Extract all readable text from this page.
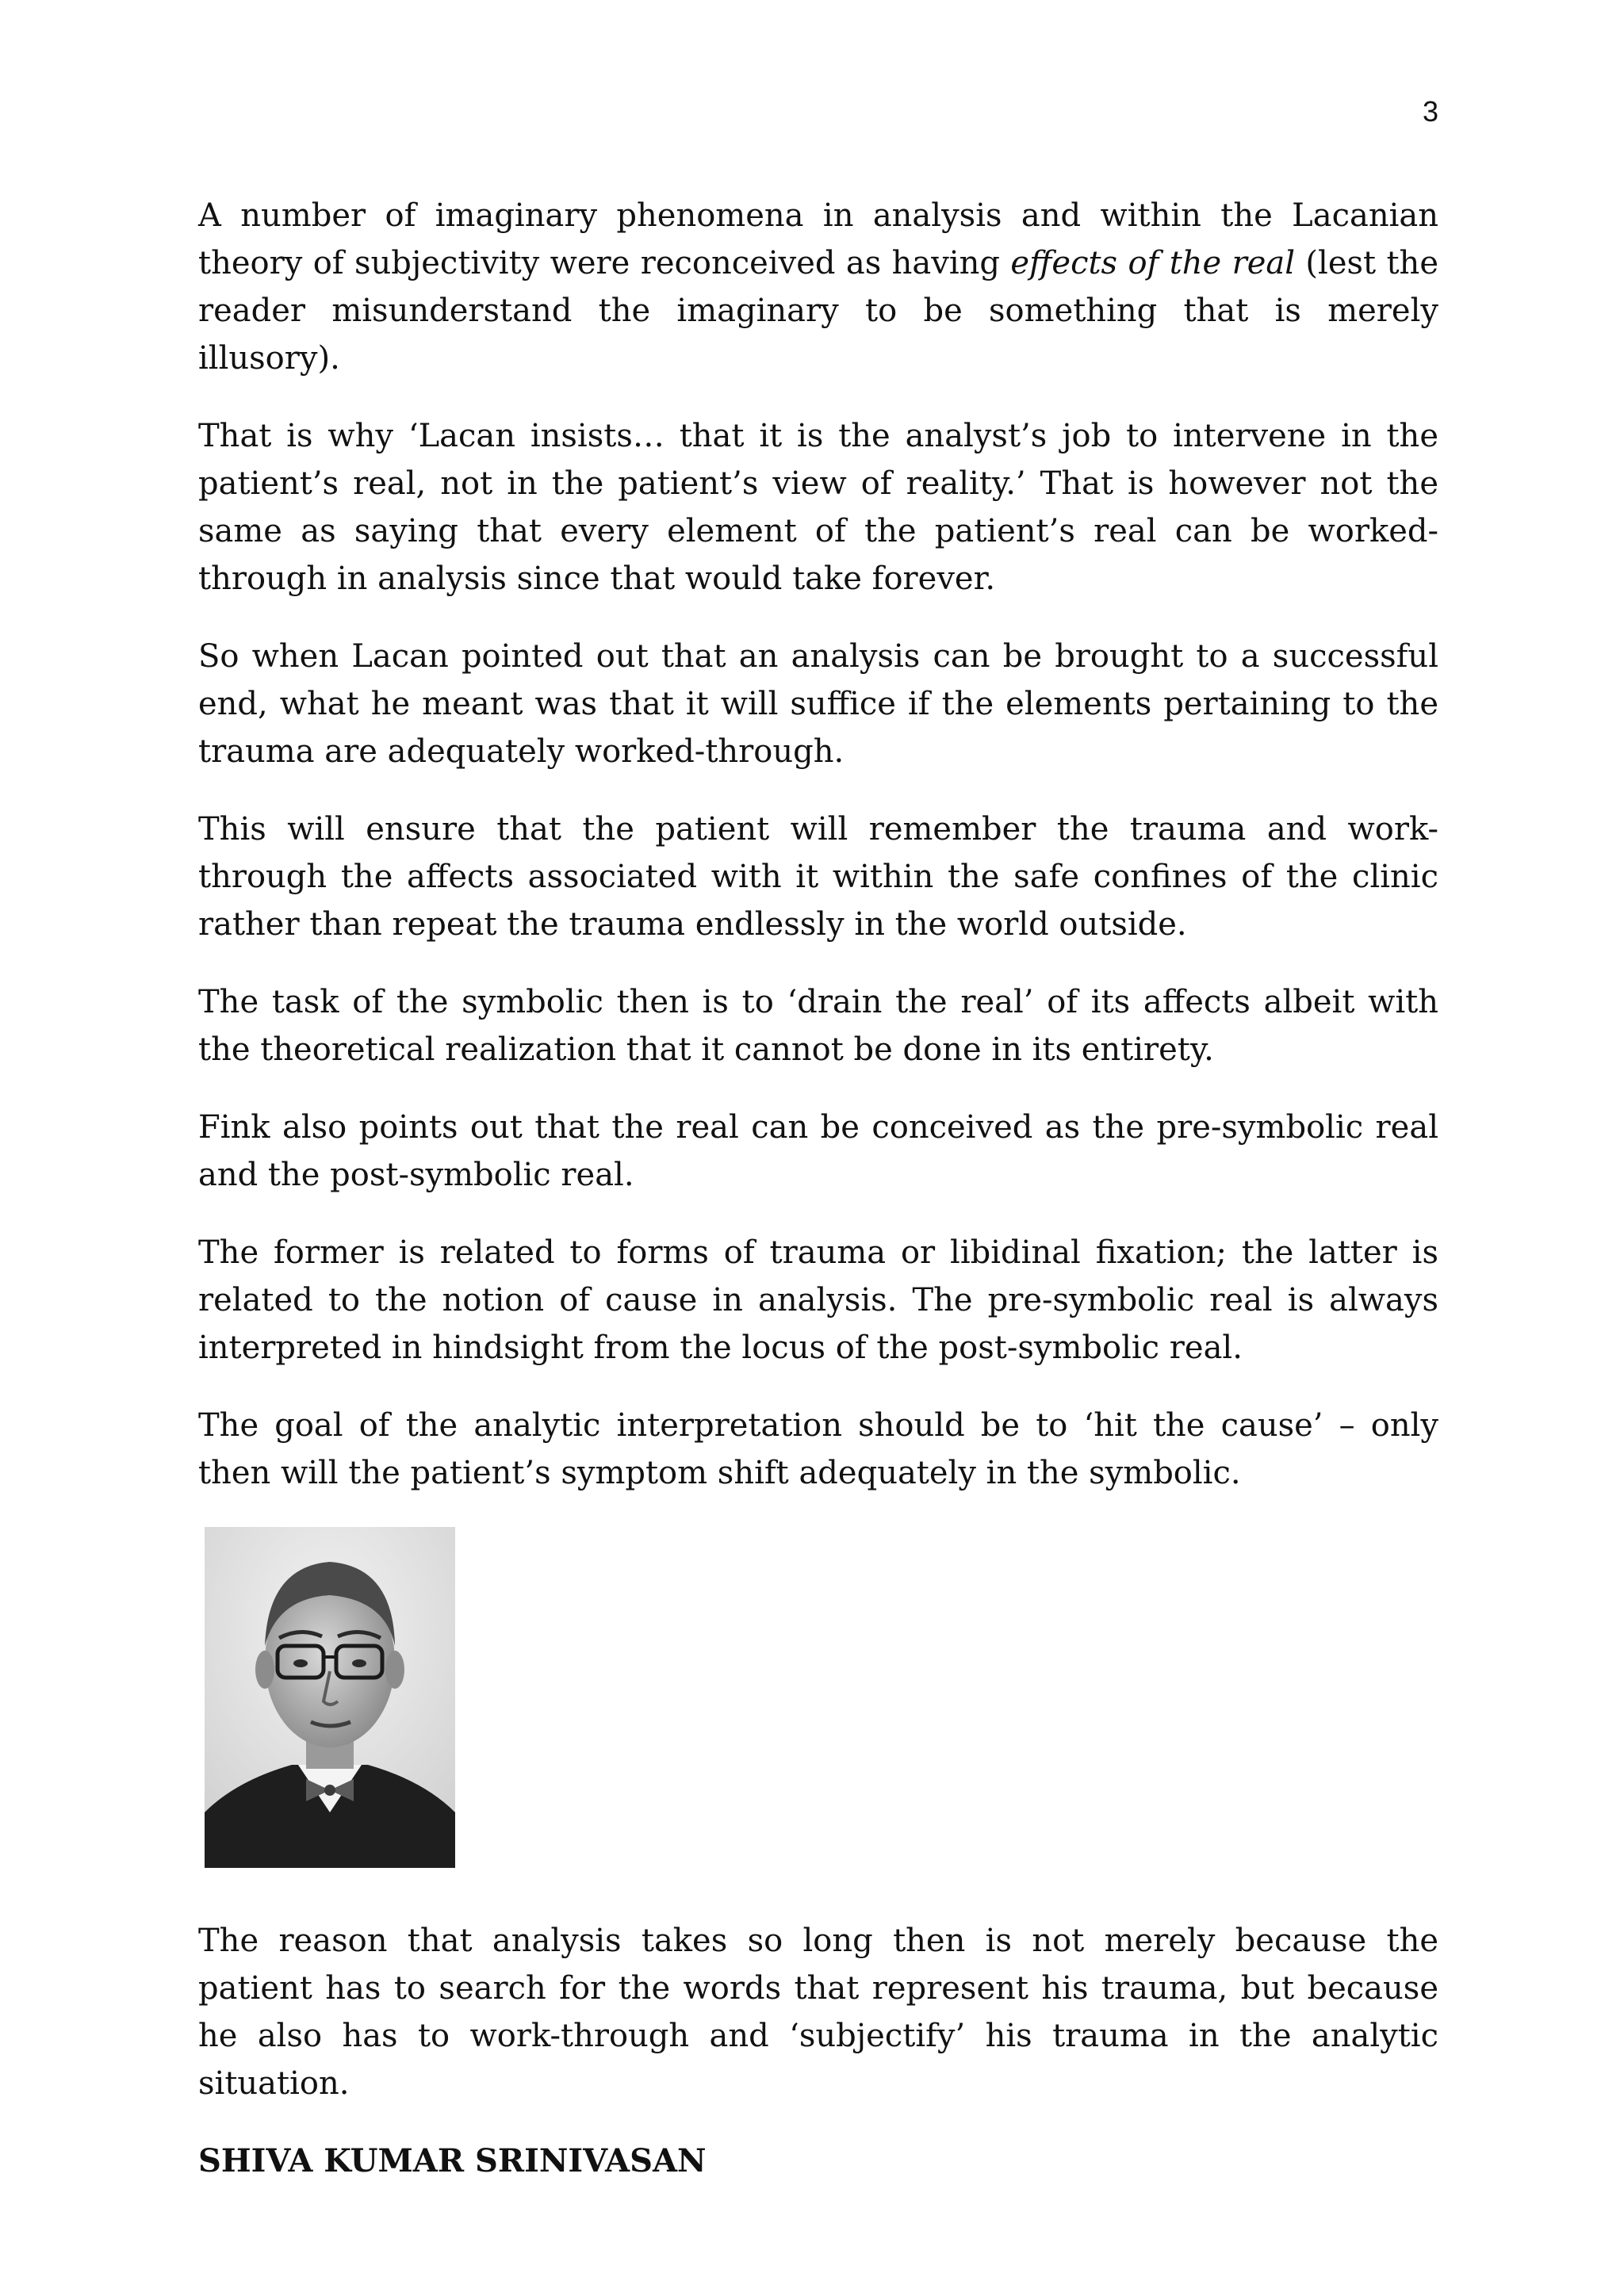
3

A number of imaginary phenomena in analysis and within the Lacanian theory of subjectivity were reconceived as having effects of the real (lest the reader misunderstand the imaginary to be something that is merely illusory).

That is why ‘Lacan insists… that it is the analyst’s job to intervene in the patient’s real, not in the patient’s view of reality.’ That is however not the same as saying that every element of the patient’s real can be worked-through in analysis since that would take forever.

So when Lacan pointed out that an analysis can be brought to a successful end, what he meant was that it will suffice if the elements pertaining to the trauma are adequately worked-through.

This will ensure that the patient will remember the trauma and work-through the affects associated with it within the safe confines of the clinic rather than repeat the trauma endlessly in the world outside.

The task of the symbolic then is to ‘drain the real’ of its affects albeit with the theoretical realization that it cannot be done in its entirety.

Fink also points out that the real can be conceived as the pre-symbolic real and the post-symbolic real.

The former is related to forms of trauma or libidinal fixation; the latter is related to the notion of cause in analysis. The pre-symbolic real is always interpreted in hindsight from the locus of the post-symbolic real.

The goal of the analytic interpretation should be to ‘hit the cause’ – only then will the patient’s symptom shift adequately in the symbolic.

The reason that analysis takes so long then is not merely because the patient has to search for the words that represent his trauma, but because he also has to work-through and ‘subjectify’ his trauma in the analytic situation.

SHIVA KUMAR SRINIVASAN
